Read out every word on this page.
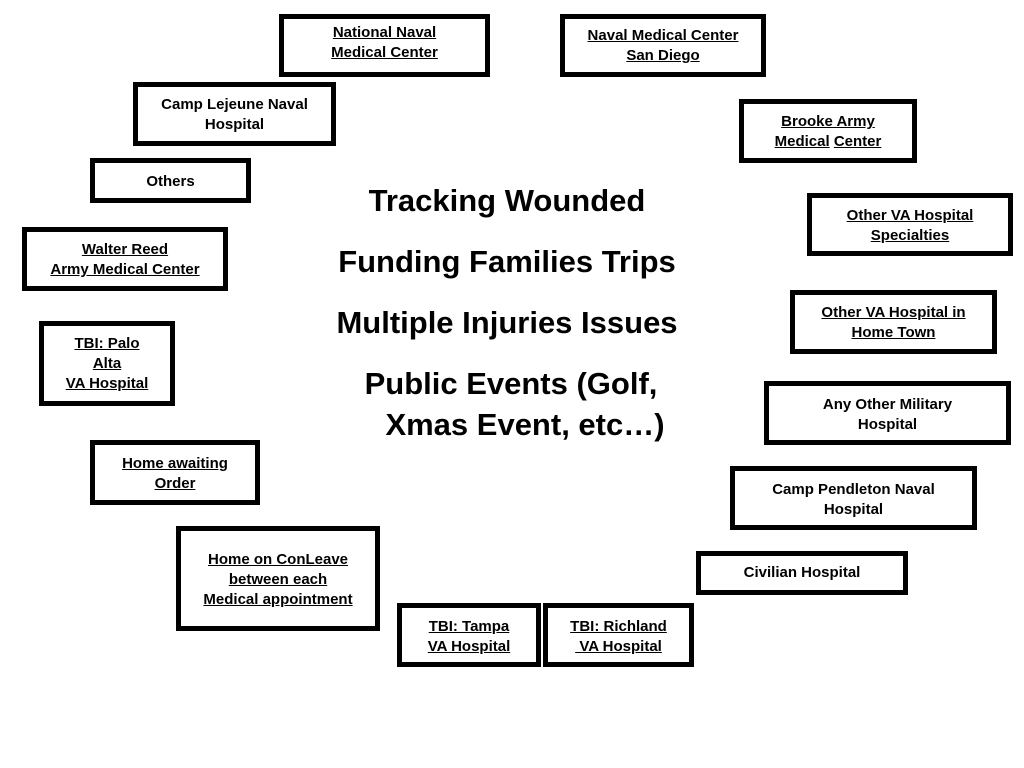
National Naval
Medical Center
Naval Medical Center
San Diego
Camp Lejeune Naval
Hospital	Brooke Army
Medical Center
Others
Other VA Hospital
Specialties
Walter Reed
Army Medical Center
Other VA Hospital in
Home Town
TBI: Palo
Alta
VA Hospital
Any Other Military
Hospital
Home awaiting
Order	Camp Pendleton Naval
Hospital
Home on ConLeave
between each
Medical appointment
Civilian Hospital
TBI: Tampa
VA Hospital
TBI: Richland
VA Hospital
Tracking Wounded
Funding Families Trips
Multiple Injuries Issues
Public Events (Golf,
Xmas Event, etc…)
